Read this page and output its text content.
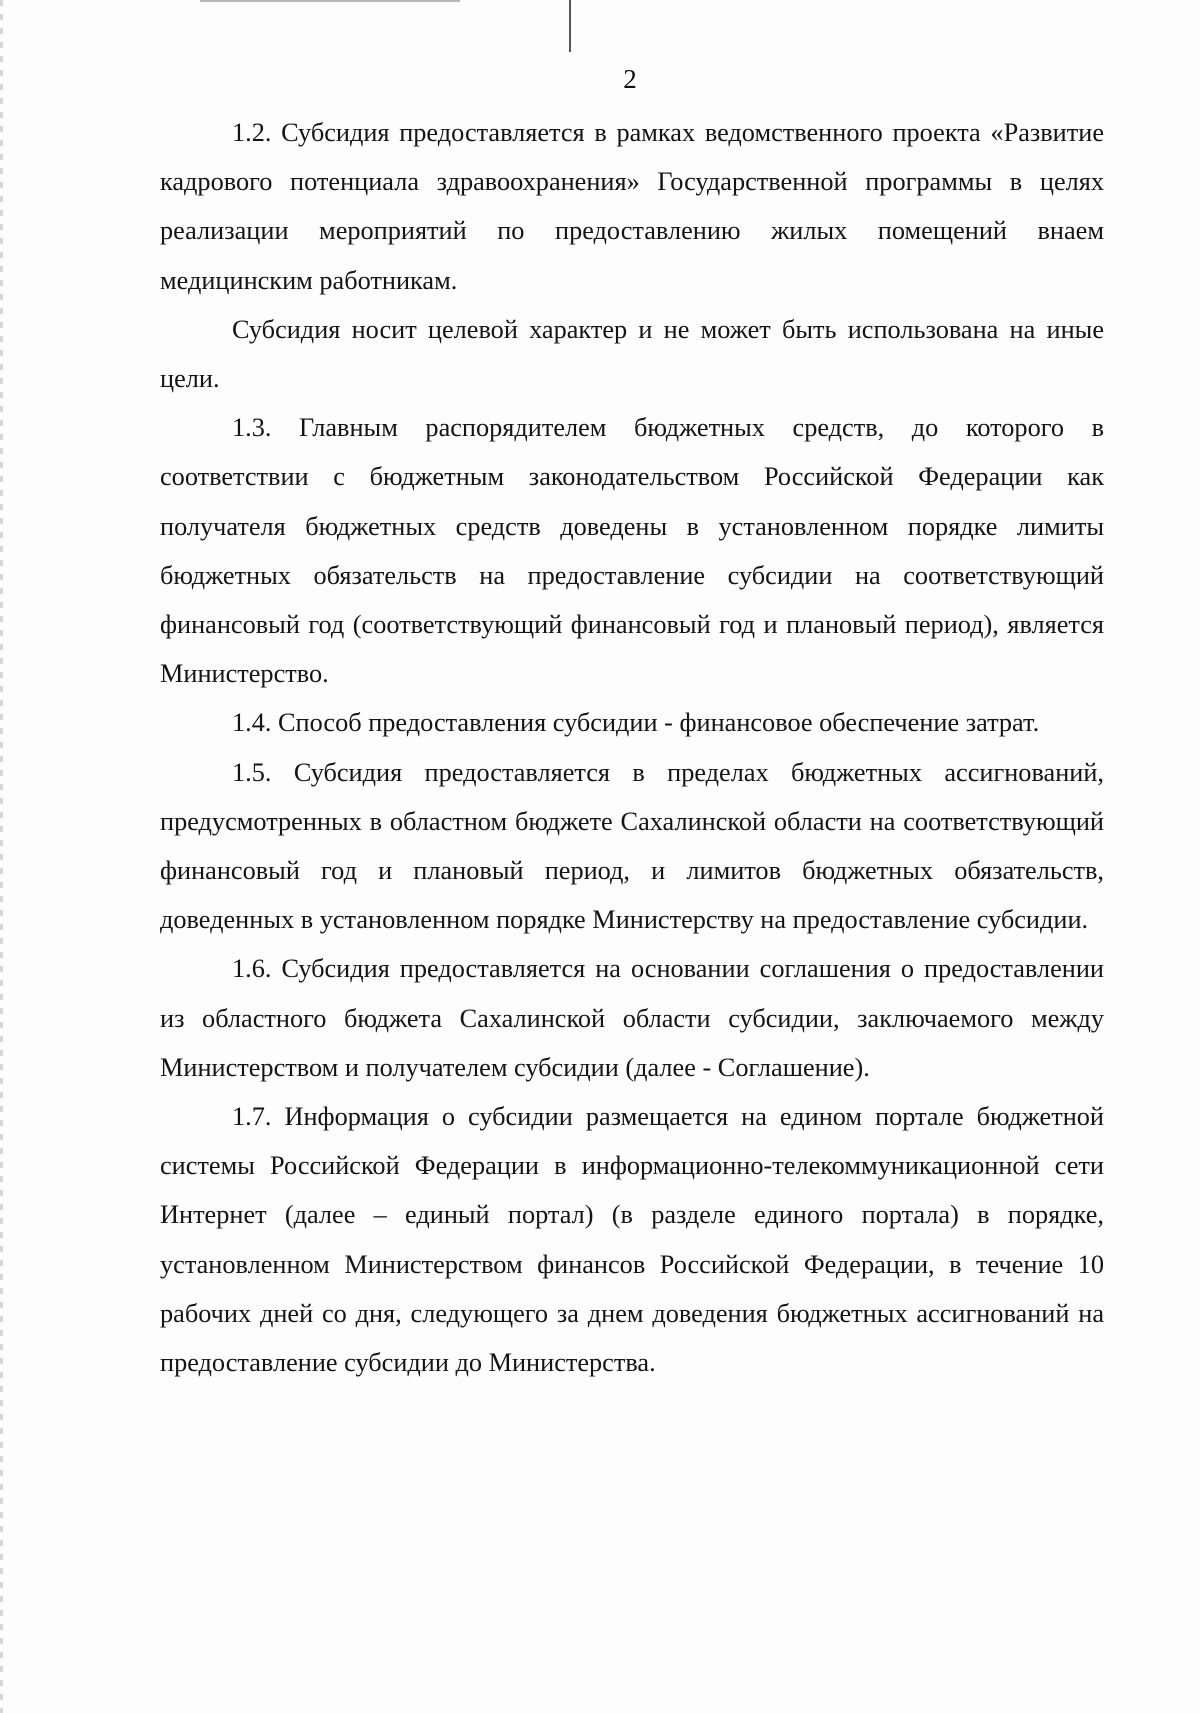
2

1.2. Субсидия предоставляется в рамках ведомственного проекта «Развитие кадрового потенциала здравоохранения» Государственной программы в целях реализации мероприятий по предоставлению жилых помещений внаем медицинским работникам.

Субсидия носит целевой характер и не может быть использована на иные цели.

1.3. Главным распорядителем бюджетных средств, до которого в соответствии с бюджетным законодательством Российской Федерации как получателя бюджетных средств доведены в установленном порядке лимиты бюджетных обязательств на предоставление субсидии на соответствующий финансовый год (соответствующий финансовый год и плановый период), является Министерство.

1.4. Способ предоставления субсидии - финансовое обеспечение затрат.

1.5. Субсидия предоставляется в пределах бюджетных ассигнований, предусмотренных в областном бюджете Сахалинской области на соответствующий финансовый год и плановый период, и лимитов бюджетных обязательств, доведенных в установленном порядке Министерству на предоставление субсидии.

1.6. Субсидия предоставляется на основании соглашения о предоставлении из областного бюджета Сахалинской области субсидии, заключаемого между Министерством и получателем субсидии (далее - Соглашение).

1.7. Информация о субсидии размещается на едином портале бюджетной системы Российской Федерации в информационно-телекоммуникационной сети Интернет (далее – единый портал) (в разделе единого портала) в порядке, установленном Министерством финансов Российской Федерации, в течение 10 рабочих дней со дня, следующего за днем доведения бюджетных ассигнований на предоставление субсидии до Министерства.
